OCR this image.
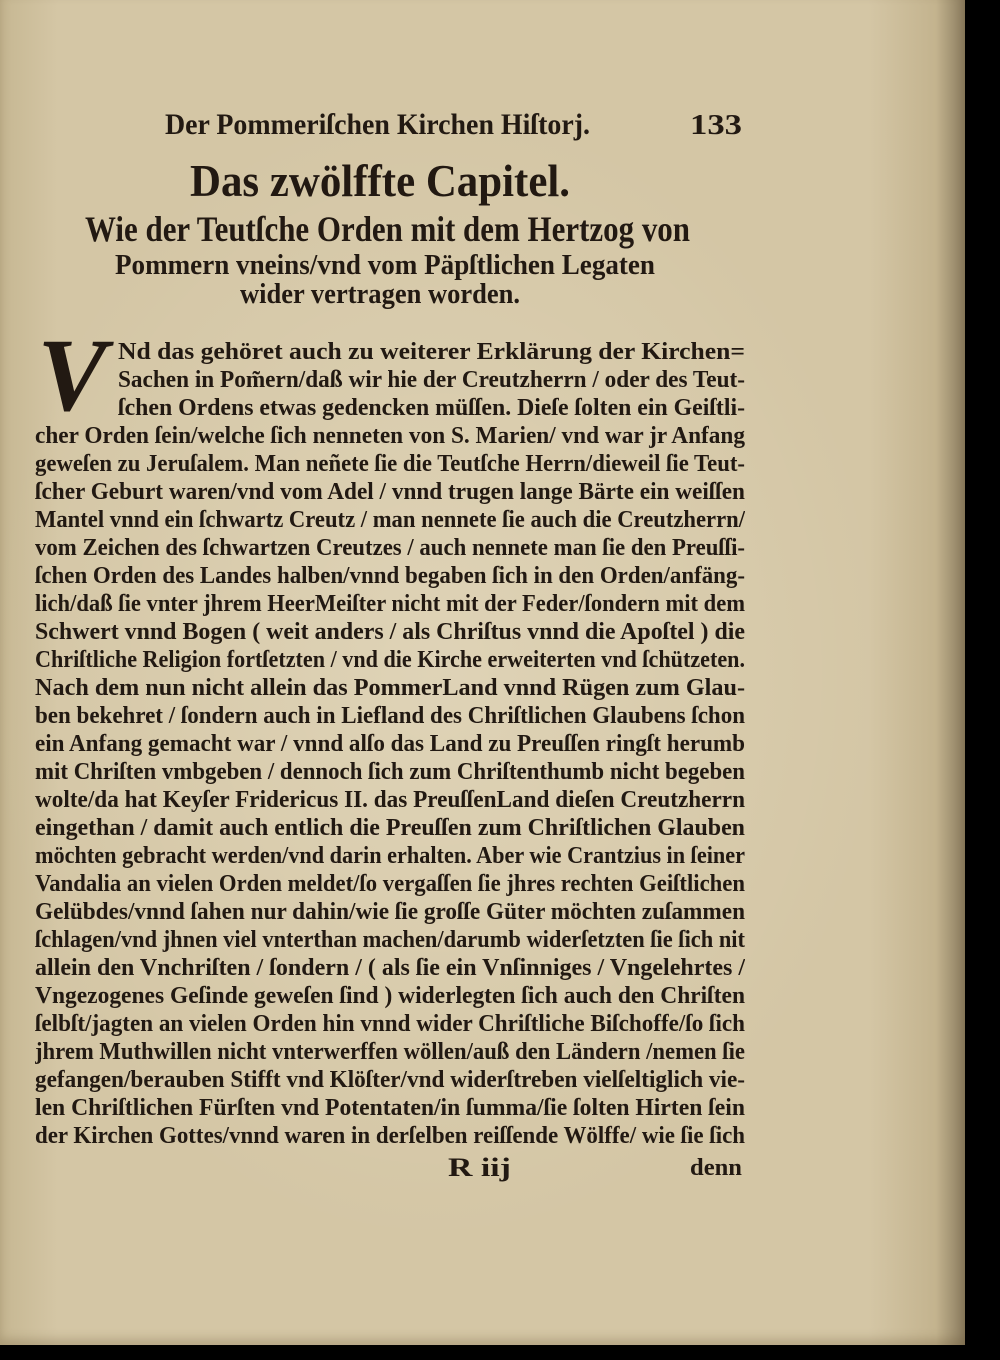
Der Pommeriſchen Kirchen Hiſtorj.	133
Das zwölffte Capitel.
Wie der Teutſche Orden mit dem Hertzog von
Pommern vneins/vnd vom Päpſtlichen Legaten
wider vertragen worden.
V Nd das gehöret auch zu weiterer Erklärung der Kirchen=
Sachen in Pom̃ern/daß wir hie der Creutzherrn / oder des Teut-
ſchen Ordens etwas gedencken müſſen. Dieſe ſolten ein Geiſtli-
cher Orden ſein/welche ſich nenneten von S. Marien/ vnd war jr Anfang
geweſen zu Jeruſalem. Man neñete ſie die Teutſche Herrn/dieweil ſie Teut-
ſcher Geburt waren/vnd vom Adel / vnnd trugen lange Bärte ein weiſſen
Mantel vnnd ein ſchwartz Creutz / man nennete ſie auch die Creutzherrn/
vom Zeichen des ſchwartzen Creutzes / auch nennete man ſie den Preuſſi-
ſchen Orden des Landes halben/vnnd begaben ſich in den Orden/anfäng-
lich/daß ſie vnter jhrem HeerMeiſter nicht mit der Feder/ſondern mit dem
Schwert vnnd Bogen ( weit anders / als Chriſtus vnnd die Apoſtel ) die
Chriſtliche Religion fortſetzten / vnd die Kirche erweiterten vnd ſchützeten.
Nach dem nun nicht allein das PommerLand vnnd Rügen zum Glau-
ben bekehret / ſondern auch in Liefland des Chriſtlichen Glaubens ſchon
ein Anfang gemacht war / vnnd alſo das Land zu Preuſſen ringſt herumb
mit Chriſten vmbgeben / dennoch ſich zum Chriſtenthumb nicht begeben
wolte/da hat Keyſer Fridericus II. das PreuſſenLand dieſen Creutzherrn
eingethan / damit auch entlich die Preuſſen zum Chriſtlichen Glauben
möchten gebracht werden/vnd darin erhalten. Aber wie Crantzius in ſeiner
Vandalia an vielen Orden meldet/ſo vergaſſen ſie jhres rechten Geiſtlichen
Gelübdes/vnnd ſahen nur dahin/wie ſie groſſe Güter möchten zuſammen
ſchlagen/vnd jhnen viel vnterthan machen/darumb widerſetzten ſie ſich nit
allein den Vnchriſten / ſondern / ( als ſie ein Vnſinniges / Vngelehrtes /
Vngezogenes Geſinde geweſen ſind ) widerlegten ſich auch den Chriſten
ſelbſt/jagten an vielen Orden hin vnnd wider Chriſtliche Biſchoffe/ſo ſich
jhrem Muthwillen nicht vnterwerffen wöllen/auß den Ländern /nemen ſie
gefangen/berauben Stifft vnd Klöſter/vnd widerſtreben vielſeltiglich vie-
len Chriſtlichen Fürſten vnd Potentaten/in ſumma/ſie ſolten Hirten ſein
der Kirchen Gottes/vnnd waren in derſelben reiſſende Wölffe/ wie ſie ſich
R iij	denn
